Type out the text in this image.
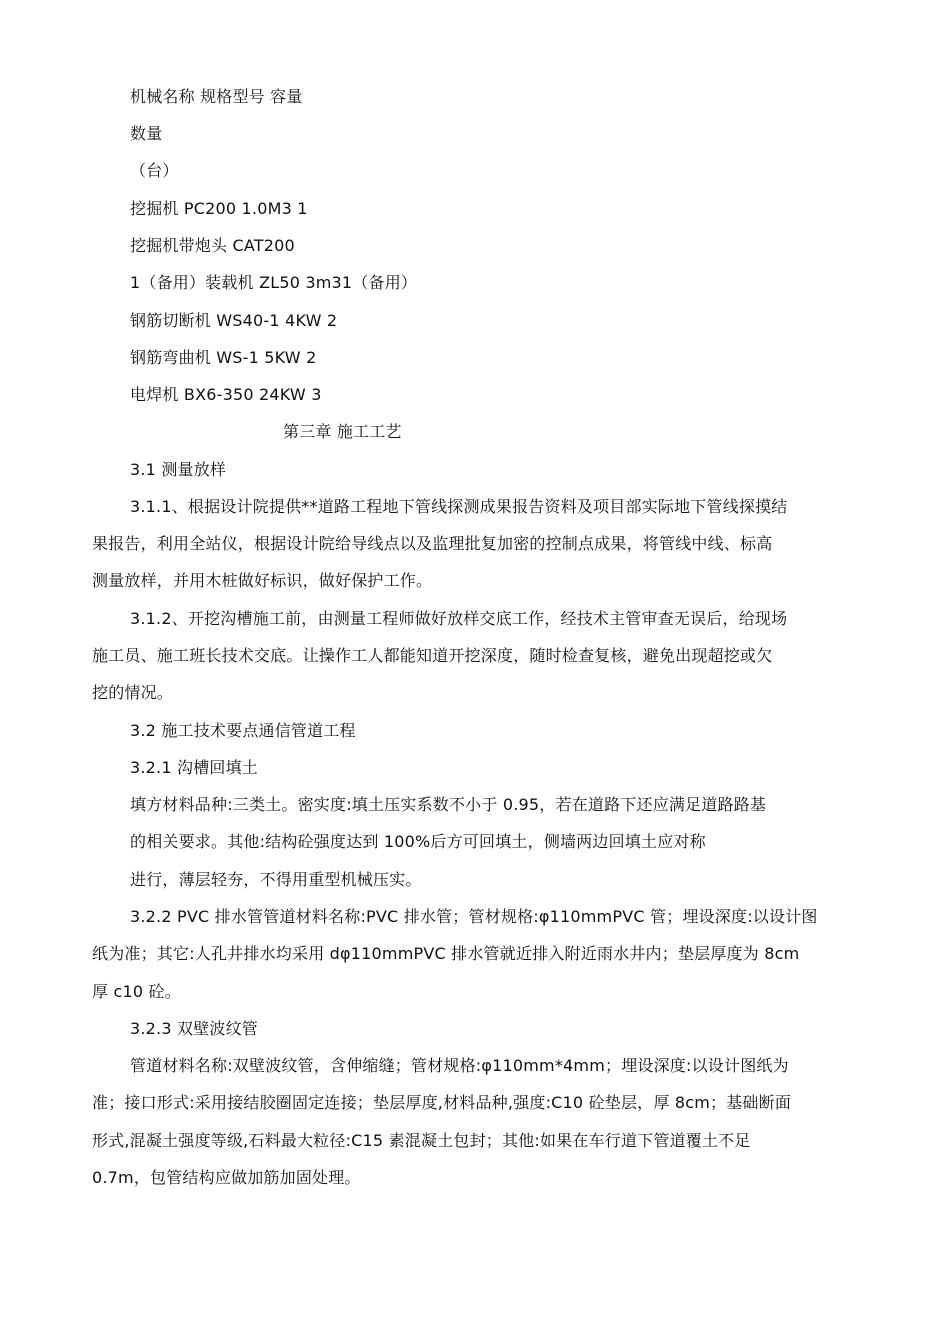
机械名称 规格型号 容量
数量
（台）
挖掘机 PC200 1.0M3 1
挖掘机带炮头 CAT200
1（备用）装载机 ZL50 3m31（备用）
钢筋切断机 WS40-1 4KW 2
钢筋弯曲机 WS-1 5KW 2
电焊机 BX6-350 24KW 3
第三章 施工工艺
3.1 测量放样
3.1.1、根据设计院提供**道路工程地下管线探测成果报告资料及项目部实际地下管线探摸结
果报告，利用全站仪，根据设计院给导线点以及监理批复加密的控制点成果，将管线中线、标高
测量放样，并用木桩做好标识，做好保护工作。
3.1.2、开挖沟槽施工前，由测量工程师做好放样交底工作，经技术主管审查无误后，给现场
施工员、施工班长技术交底。让操作工人都能知道开挖深度，随时检查复核，避免出现超挖或欠
挖的情况。
3.2 施工技术要点通信管道工程
3.2.1 沟槽回填土
填方材料品种:三类土。密实度:填土压实系数不小于 0.95，若在道路下还应满足道路路基
的相关要求。其他:结构砼强度达到 100%后方可回填土，侧墙两边回填土应对称
进行，薄层轻夯，不得用重型机械压实。
3.2.2 PVC 排水管管道材料名称:PVC 排水管；管材规格:φ110mmPVC 管；埋设深度:以设计图
纸为准；其它:人孔井排水均采用 dφ110mmPVC 排水管就近排入附近雨水井内；垫层厚度为 8cm
厚 c10 砼。
3.2.3 双壁波纹管
管道材料名称:双壁波纹管，含伸缩缝；管材规格:φ110mm*4mm；埋设深度:以设计图纸为
准；接口形式:采用接结胶圈固定连接；垫层厚度,材料品种,强度:C10 砼垫层，厚 8cm；基础断面
形式,混凝土强度等级,石料最大粒径:C15 素混凝土包封；其他:如果在车行道下管道覆土不足
0.7m，包管结构应做加筋加固处理。
